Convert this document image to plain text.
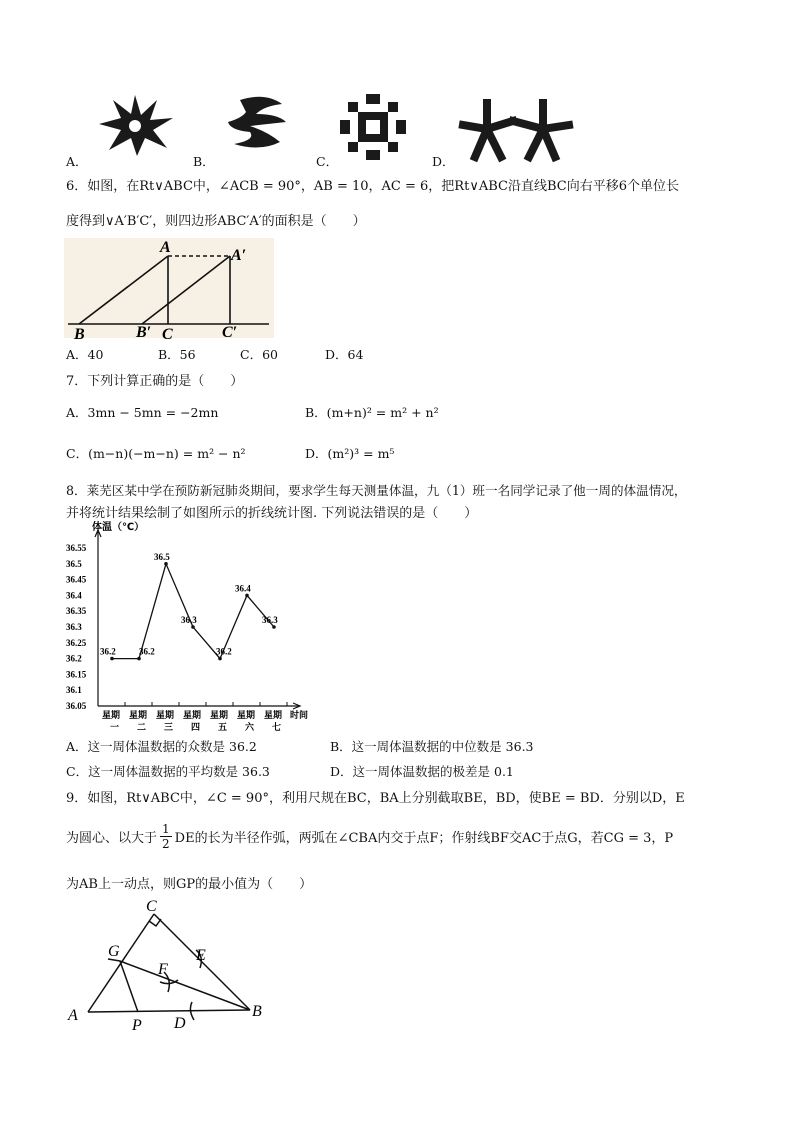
A．	B．	C．	D．
6．如图，在Rt∨ABC中，∠ACB = 90°，AB = 10，AC = 6，把Rt∨ABC沿直线BC向右平移6个单位长
度得到∨A′B′C′，则四边形ABC′A′的面积是（　　）
A	A′
B	B′ C	C′
A．40	B．56	C．60	D．64
7．下列计算正确的是（　　）
A．3mn − 5mn = −2mn	B．(m+n)² = m² + n²
C．(m−n)(−m−n) = m² − n²	D．(m²)³ = m⁵
8．莱芜区某中学在预防新冠肺炎期间，要求学生每天测量体温，九（1）班一名同学记录了他一周的体温情况，
并将统计结果绘制了如图所示的折线统计图. 下列说法错误的是（　　）
体温（℃）
36.55
36.5
36.45
36.4
36.35
36.3
36.25
36.2
36.15
36.1
36.05
星期
一
星期
二
星期
三
星期
四
星期
五
星期
六
星期
七
时间
36.2	36.2
36.5
36.3
36.2
36.4
36.3
A．这一周体温数据的众数是 36.2	B．这一周体温数据的中位数是 36.3
C．这一周体温数据的平均数是 36.3	D．这一周体温数据的极差是 0.1
9．如图，Rt∨ABC中，∠C = 90°，利用尺规在BC，BA上分别截取BE，BD，使BE = BD．分别以D，E
为圆心、以大于 $\frac{1}{2}$ DE的长为半径作弧，两弧在∠CBA内交于点F；作射线BF交AC于点G，若CG = 3，P
为AB上一动点，则GP的最小值为（　　）
C
G	E
F
A
P D
B
